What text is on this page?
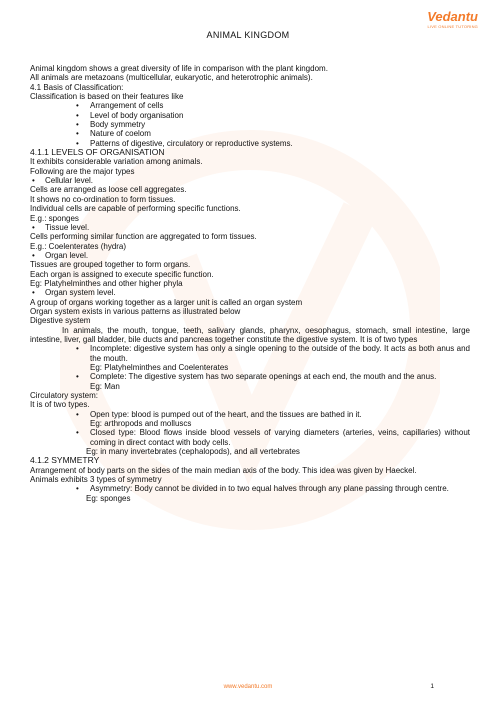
Vedantu
LIVE ONLINE TUTORING
ANIMAL KINGDOM

Animal kingdom shows a great diversity of life in comparison with the plant kingdom.

All animals are metazoans (multicellular, eukaryotic, and heterotrophic animals).

4.1 Basis of Classification:

Classification is based on their features like

•	Arrangement of cells
•	Level of body organisation
•	Body symmetry
•	Nature of coelom
•	Patterns of digestive, circulatory or reproductive systems.

4.1.1 LEVELS OF ORGANISATION

It exhibits considerable variation among animals.

Following are the major types

•	Cellular level.

Cells are arranged as loose cell aggregates.

It shows no co-ordination to form tissues.

Individual cells are capable of performing specific functions.

E.g.: sponges

•	Tissue level.

Cells performing similar function are aggregated to form tissues.

E.g.: Coelenterates (hydra)

•	Organ level.

Tissues are grouped together to form organs.

Each organ is assigned to execute specific function.

Eg: Platyhelminthes and other higher phyla

•	Organ system level.

A group of organs working together as a larger unit is called an organ system

Organ system exists in various patterns as illustrated below

Digestive system

In animals, the mouth, tongue, teeth, salivary glands, pharynx, oesophagus, stomach, small intestine, large intestine, liver, gall bladder, bile ducts and pancreas together constitute the digestive system. It is of two types

•	Incomplete: digestive system has only a single opening to the outside of the body. It acts as both anus and the mouth.

Eg: Platyhelminthes and Coelenterates

•	Complete: The digestive system has two separate openings at each end, the mouth and the anus.

Eg: Man

Circulatory system:

It is of two types.

•	Open type: blood is pumped out of the heart, and the tissues are bathed in it.

Eg: arthropods and molluscs

•	Closed type: Blood flows inside blood vessels of varying diameters (arteries, veins, capillaries) without coming in direct contact with body cells.

Eg: in many invertebrates (cephalopods), and all vertebrates

4.1.2 SYMMETRY

Arrangement of body parts on the sides of the main median axis of the body. This idea was given by Haeckel.

Animals exhibits 3 types of symmetry

•	Asymmetry: Body cannot be divided in to two equal halves through any plane passing through centre.

Eg: sponges

www.vedantu.com	1
